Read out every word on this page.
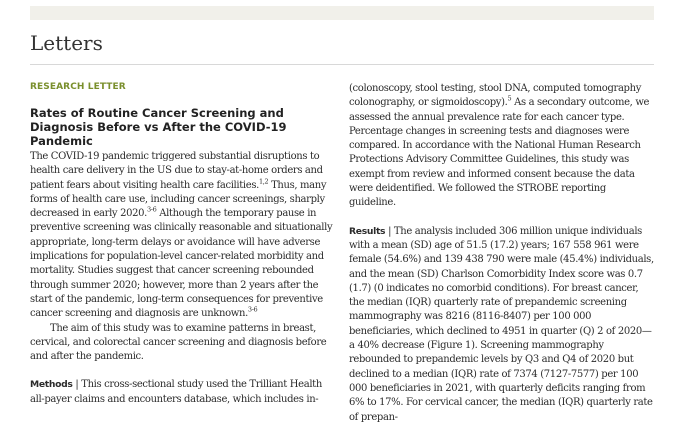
Letters
RESEARCH LETTER
Rates of Routine Cancer Screening and Diagnosis Before vs After the COVID-19 Pandemic

The COVID-19 pandemic triggered substantial disruptions to health care delivery in the US due to stay-at-home orders and patient fears about visiting health care facilities.$^{1,2}$ Thus, many forms of health care use, including cancer screenings, sharply decreased in early 2020.$^{3-6}$ Although the temporary pause in preventive screening was clinically reasonable and situationally appropriate, long-term delays or avoidance will have adverse implications for population-level cancer-related morbidity and mortality. Studies suggest that cancer screening rebounded through summer 2020; however, more than 2 years after the start of the pandemic, long-term consequences for preventive cancer screening and diagnosis are unknown.$^{3-6}$

The aim of this study was to examine patterns in breast, cervical, and colorectal cancer screening and diagnosis before and after the pandemic.

Methods | This cross-sectional study used the Trilliant Health all-payer claims and encounters database, which includes in-

(colonoscopy, stool testing, stool DNA, computed tomography colonography, or sigmoidoscopy).$^5$ As a secondary outcome, we assessed the annual prevalence rate for each cancer type. Percentage changes in screening tests and diagnoses were compared. In accordance with the National Human Research Protections Advisory Committee Guidelines, this study was exempt from review and informed consent because the data were deidentified. We followed the STROBE reporting guideline.

Results | The analysis included 306 million unique individuals with a mean (SD) age of 51.5 (17.2) years; 167 558 961 were female (54.6%) and 139 438 790 were male (45.4%) individuals, and the mean (SD) Charlson Comorbidity Index score was 0.7 (1.7) (0 indicates no comorbid conditions). For breast cancer, the median (IQR) quarterly rate of prepandemic screening mammography was 8216 (8116-8407) per 100 000 beneficiaries, which declined to 4951 in quarter (Q) 2 of 2020—a 40% decrease (Figure 1). Screening mammography rebounded to prepandemic levels by Q3 and Q4 of 2020 but declined to a median (IQR) rate of 7374 (7127-7577) per 100 000 beneficiaries in 2021, with quarterly deficits ranging from 6% to 17%. For cervical cancer, the median (IQR) quarterly rate of prepan-
